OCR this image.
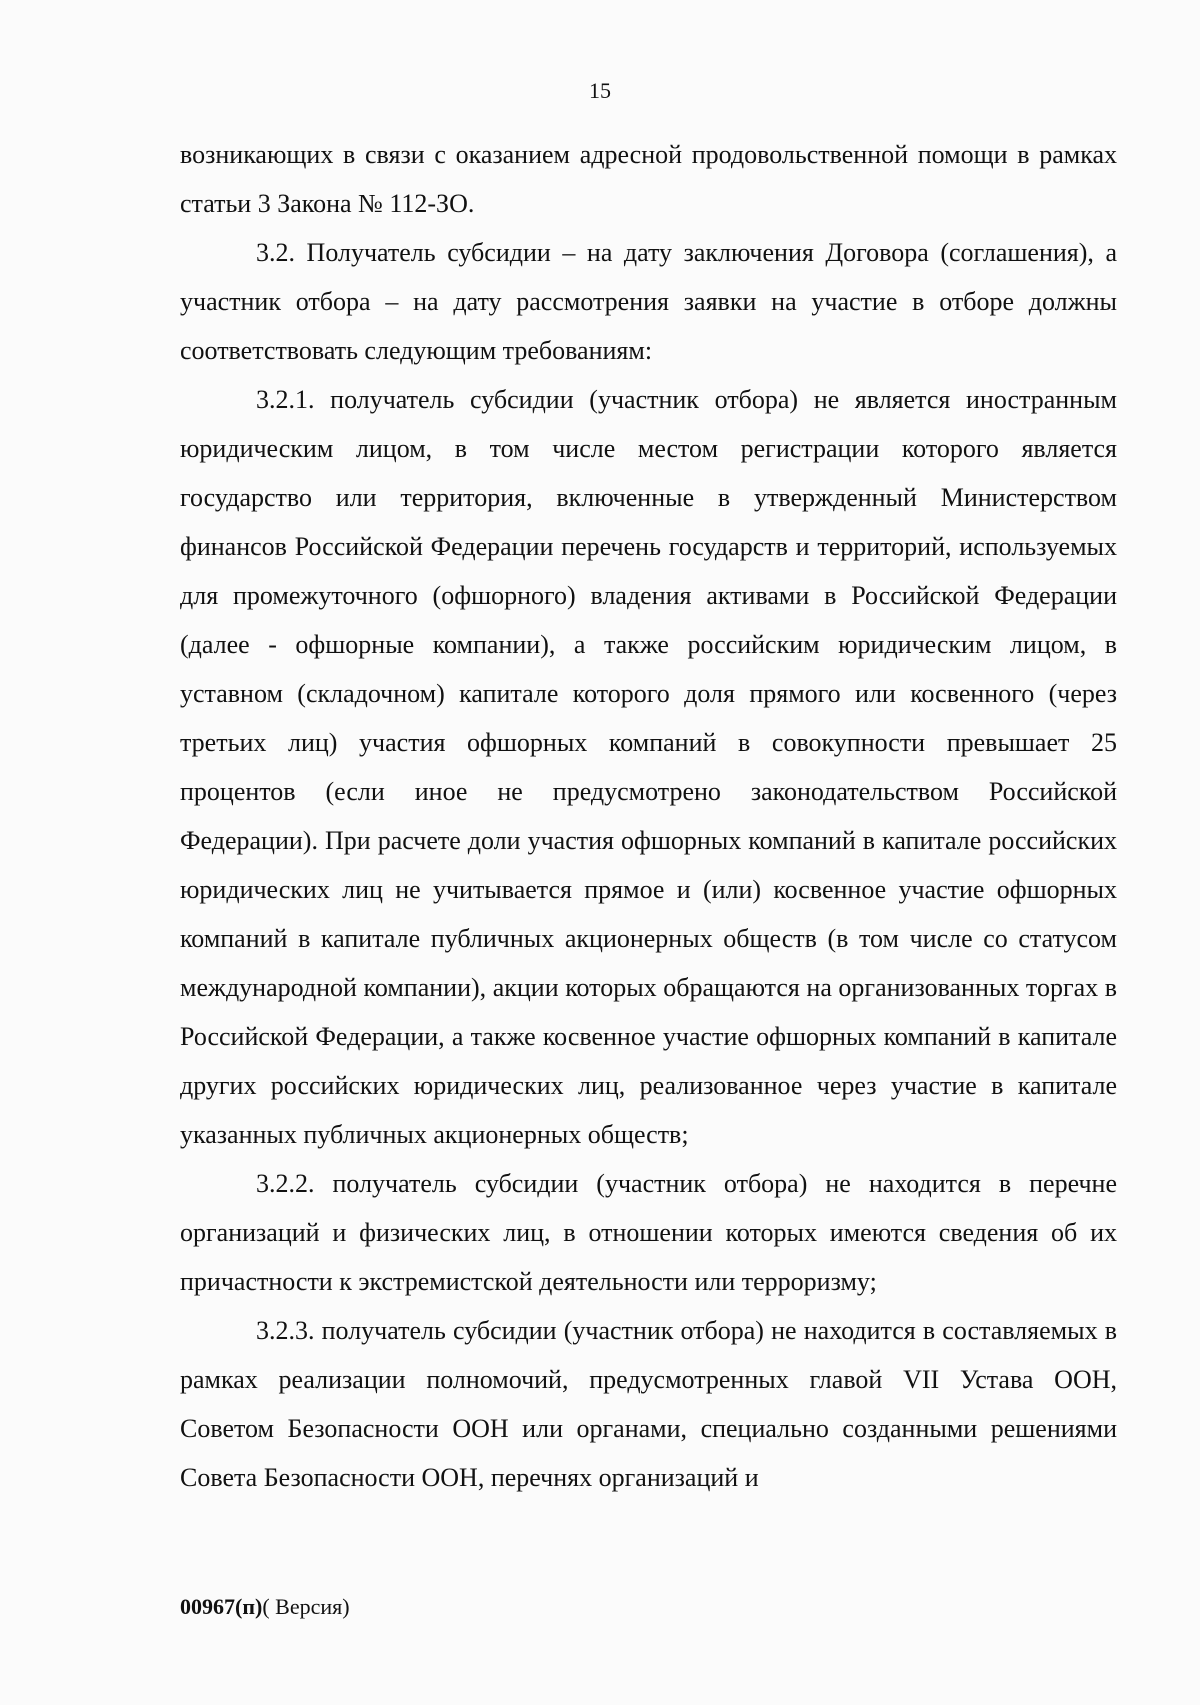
15

возникающих в связи с оказанием адресной продовольственной помощи в рамках статьи 3 Закона № 112-ЗО.

3.2. Получатель субсидии – на дату заключения Договора (соглашения), а участник отбора – на дату рассмотрения заявки на участие в отборе должны соответствовать следующим требованиям:

3.2.1. получатель субсидии (участник отбора) не является иностранным юридическим лицом, в том числе местом регистрации которого является государство или территория, включенные в утвержденный Министерством финансов Российской Федерации перечень государств и территорий, используемых для промежуточного (офшорного) владения активами в Российской Федерации (далее - офшорные компании), а также российским юридическим лицом, в уставном (складочном) капитале которого доля прямого или косвенного (через третьих лиц) участия офшорных компаний в совокупности превышает 25 процентов (если иное не предусмотрено законодательством Российской Федерации). При расчете доли участия офшорных компаний в капитале российских юридических лиц не учитывается прямое и (или) косвенное участие офшорных компаний в капитале публичных акционерных обществ (в том числе со статусом международной компании), акции которых обращаются на организованных торгах в Российской Федерации, а также косвенное участие офшорных компаний в капитале других российских юридических лиц, реализованное через участие в капитале указанных публичных акционерных обществ;

3.2.2. получатель субсидии (участник отбора) не находится в перечне организаций и физических лиц, в отношении которых имеются сведения об их причастности к экстремистской деятельности или терроризму;

3.2.3. получатель субсидии (участник отбора) не находится в составляемых в рамках реализации полномочий, предусмотренных главой VII Устава ООН, Советом Безопасности ООН или органами, специально созданными решениями Совета Безопасности ООН, перечнях организаций и

00967(п)( Версия)
